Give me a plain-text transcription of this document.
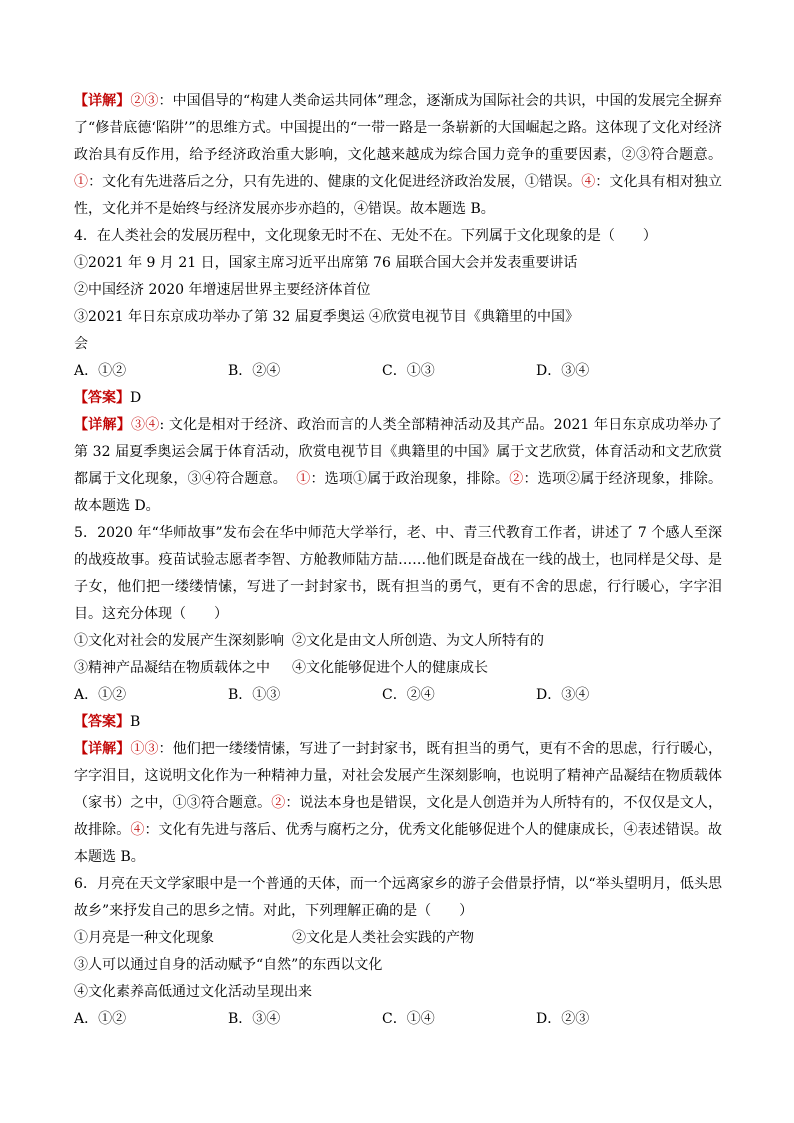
【详解】②③：中国倡导的“构建人类命运共同体”理念，逐渐成为国际社会的共识，中国的发展完全摒弃了“修昔底德‘陷阱’”的思维方式。中国提出的“一带一路是一条崭新的大国崛起之路。这体现了文化对经济政治具有反作用，给予经济政治重大影响，文化越来越成为综合国力竞争的重要因素，②③符合题意。①：文化有先进落后之分，只有先进的、健康的文化促进经济政治发展，①错误。④：文化具有相对独立性，文化并不是始终与经济发展亦步亦趋的，④错误。故本题选 B。

4．在人类社会的发展历程中，文化现象无时不在、无处不在。下列属于文化现象的是（　　）

①2021 年 9 月 21 日，国家主席习近平出席第 76 届联合国大会并发表重要讲话

②中国经济 2020 年增速居世界主要经济体首位

③2021 年日东京成功举办了第 32 届夏季奥运会
④欣赏电视节目《典籍里的中国》
A．①②	B．②④	C．①③	D．③④

【答案】D

【详解】③④: 文化是相对于经济、政治而言的人类全部精神活动及其产品。2021 年日东京成功举办了第 32 届夏季奥运会属于体育活动，欣赏电视节目《典籍里的中国》属于文艺欣赏，体育活动和文艺欣赏都属于文化现象，③④符合题意。 ①：选项①属于政治现象，排除。②：选项②属于经济现象，排除。故本题选 D。

5．2020 年“华师故事”发布会在华中师范大学举行，老、中、青三代教育工作者，讲述了 7 个感人至深的战疫故事。疫苗试验志愿者李智、方舱教师陆方喆……他们既是奋战在一线的战士，也同样是父母、是子女，他们把一缕缕情愫，写进了一封封家书，既有担当的勇气，更有不舍的思虑，行行暖心，字字泪目。这充分体现（　　）

①文化对社会的发展产生深刻影响 ②文化是由文人所创造、为文人所特有的
③精神产品凝结在物质载体之中	④文化能够促进个人的健康成长
A．①②	B．①③	C．②④	D．③④

【答案】B

【详解】①③：他们把一缕缕情愫，写进了一封封家书，既有担当的勇气，更有不舍的思虑，行行暖心，字字泪目，这说明文化作为一种精神力量，对社会发展产生深刻影响，也说明了精神产品凝结在物质载体（家书）之中，①③符合题意。②：说法本身也是错误，文化是人创造并为人所特有的，不仅仅是文人，故排除。④：文化有先进与落后、优秀与腐朽之分，优秀文化能够促进个人的健康成长，④表述错误。故本题选 B。

6．月亮在天文学家眼中是一个普通的天体，而一个远离家乡的游子会借景抒情，以“举头望明月，低头思故乡”来抒发自己的思乡之情。对此，下列理解正确的是（　　）

①月亮是一种文化现象	②文化是人类社会实践的产物

③人可以通过自身的活动赋予“自然”的东西以文化

④文化素养高低通过文化活动呈现出来

A．①②	B．③④	C．①④	D．②③
